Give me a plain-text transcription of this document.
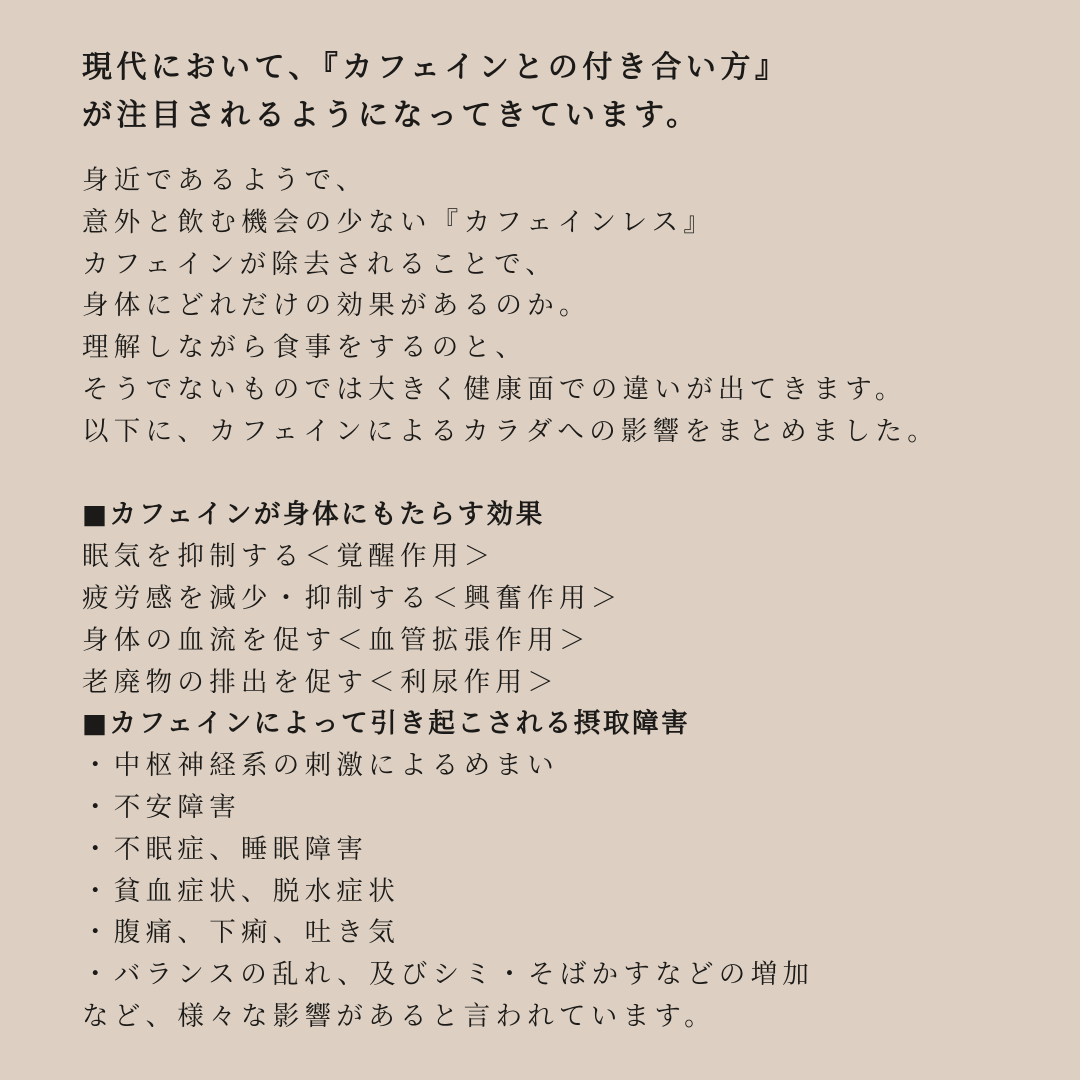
現代において、『カフェインとの付き合い方』
が注目されるようになってきています。
身近であるようで、
意外と飲む機会の少ない『カフェインレス』
カフェインが除去されることで、
身体にどれだけの効果があるのか。
理解しながら食事をするのと、
そうでないものでは大きく健康面での違いが出てきます。
以下に、カフェインによるカラダへの影響をまとめました。
■カフェインが身体にもたらす効果
眠気を抑制する＜覚醒作用＞
疲労感を減少・抑制する＜興奮作用＞
身体の血流を促す＜血管拡張作用＞
老廃物の排出を促す＜利尿作用＞
■カフェインによって引き起こされる摂取障害
・中枢神経系の刺激によるめまい
・不安障害
・不眠症、睡眠障害
・貧血症状、脱水症状
・腹痛、下痢、吐き気
・バランスの乱れ、及びシミ・そばかすなどの増加
など、様々な影響があると言われています。
